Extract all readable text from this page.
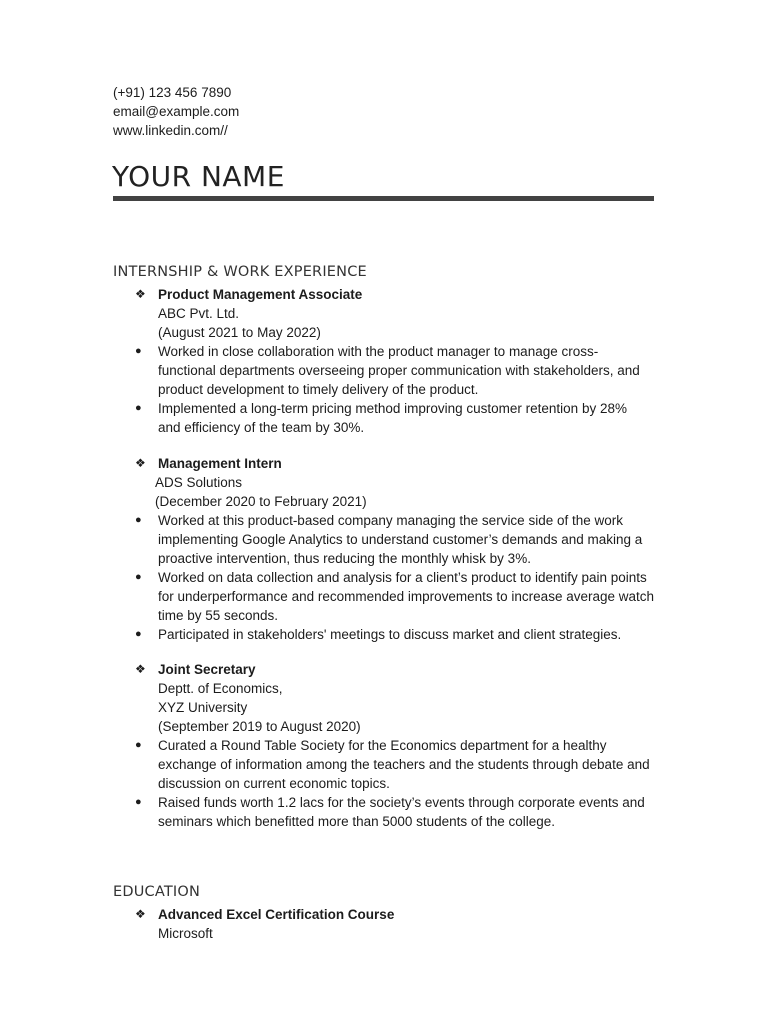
(+91) 123 456 7890
email@example.com
www.linkedin.com//
YOUR NAME
INTERNSHIP & WORK EXPERIENCE
❖ Product Management Associate
ABC Pvt. Ltd.
(August 2021 to May 2022)
● Worked in close collaboration with the product manager to manage cross-functional departments overseeing proper communication with stakeholders, and product development to timely delivery of the product.
● Implemented a long-term pricing method improving customer retention by 28% and efficiency of the team by 30%.
❖ Management Intern
ADS Solutions
(December 2020 to February 2021)
● Worked at this product-based company managing the service side of the work implementing Google Analytics to understand customer’s demands and making a proactive intervention, thus reducing the monthly whisk by 3%.
● Worked on data collection and analysis for a client’s product to identify pain points for underperformance and recommended improvements to increase average watch time by 55 seconds.
● Participated in stakeholders' meetings to discuss market and client strategies.
❖ Joint Secretary
Deptt. of Economics,
XYZ University
(September 2019 to August 2020)
● Curated a Round Table Society for the Economics department for a healthy exchange of information among the teachers and the students through debate and discussion on current economic topics.
● Raised funds worth 1.2 lacs for the society’s events through corporate events and seminars which benefitted more than 5000 students of the college.
EDUCATION
❖ Advanced Excel Certification Course
Microsoft
